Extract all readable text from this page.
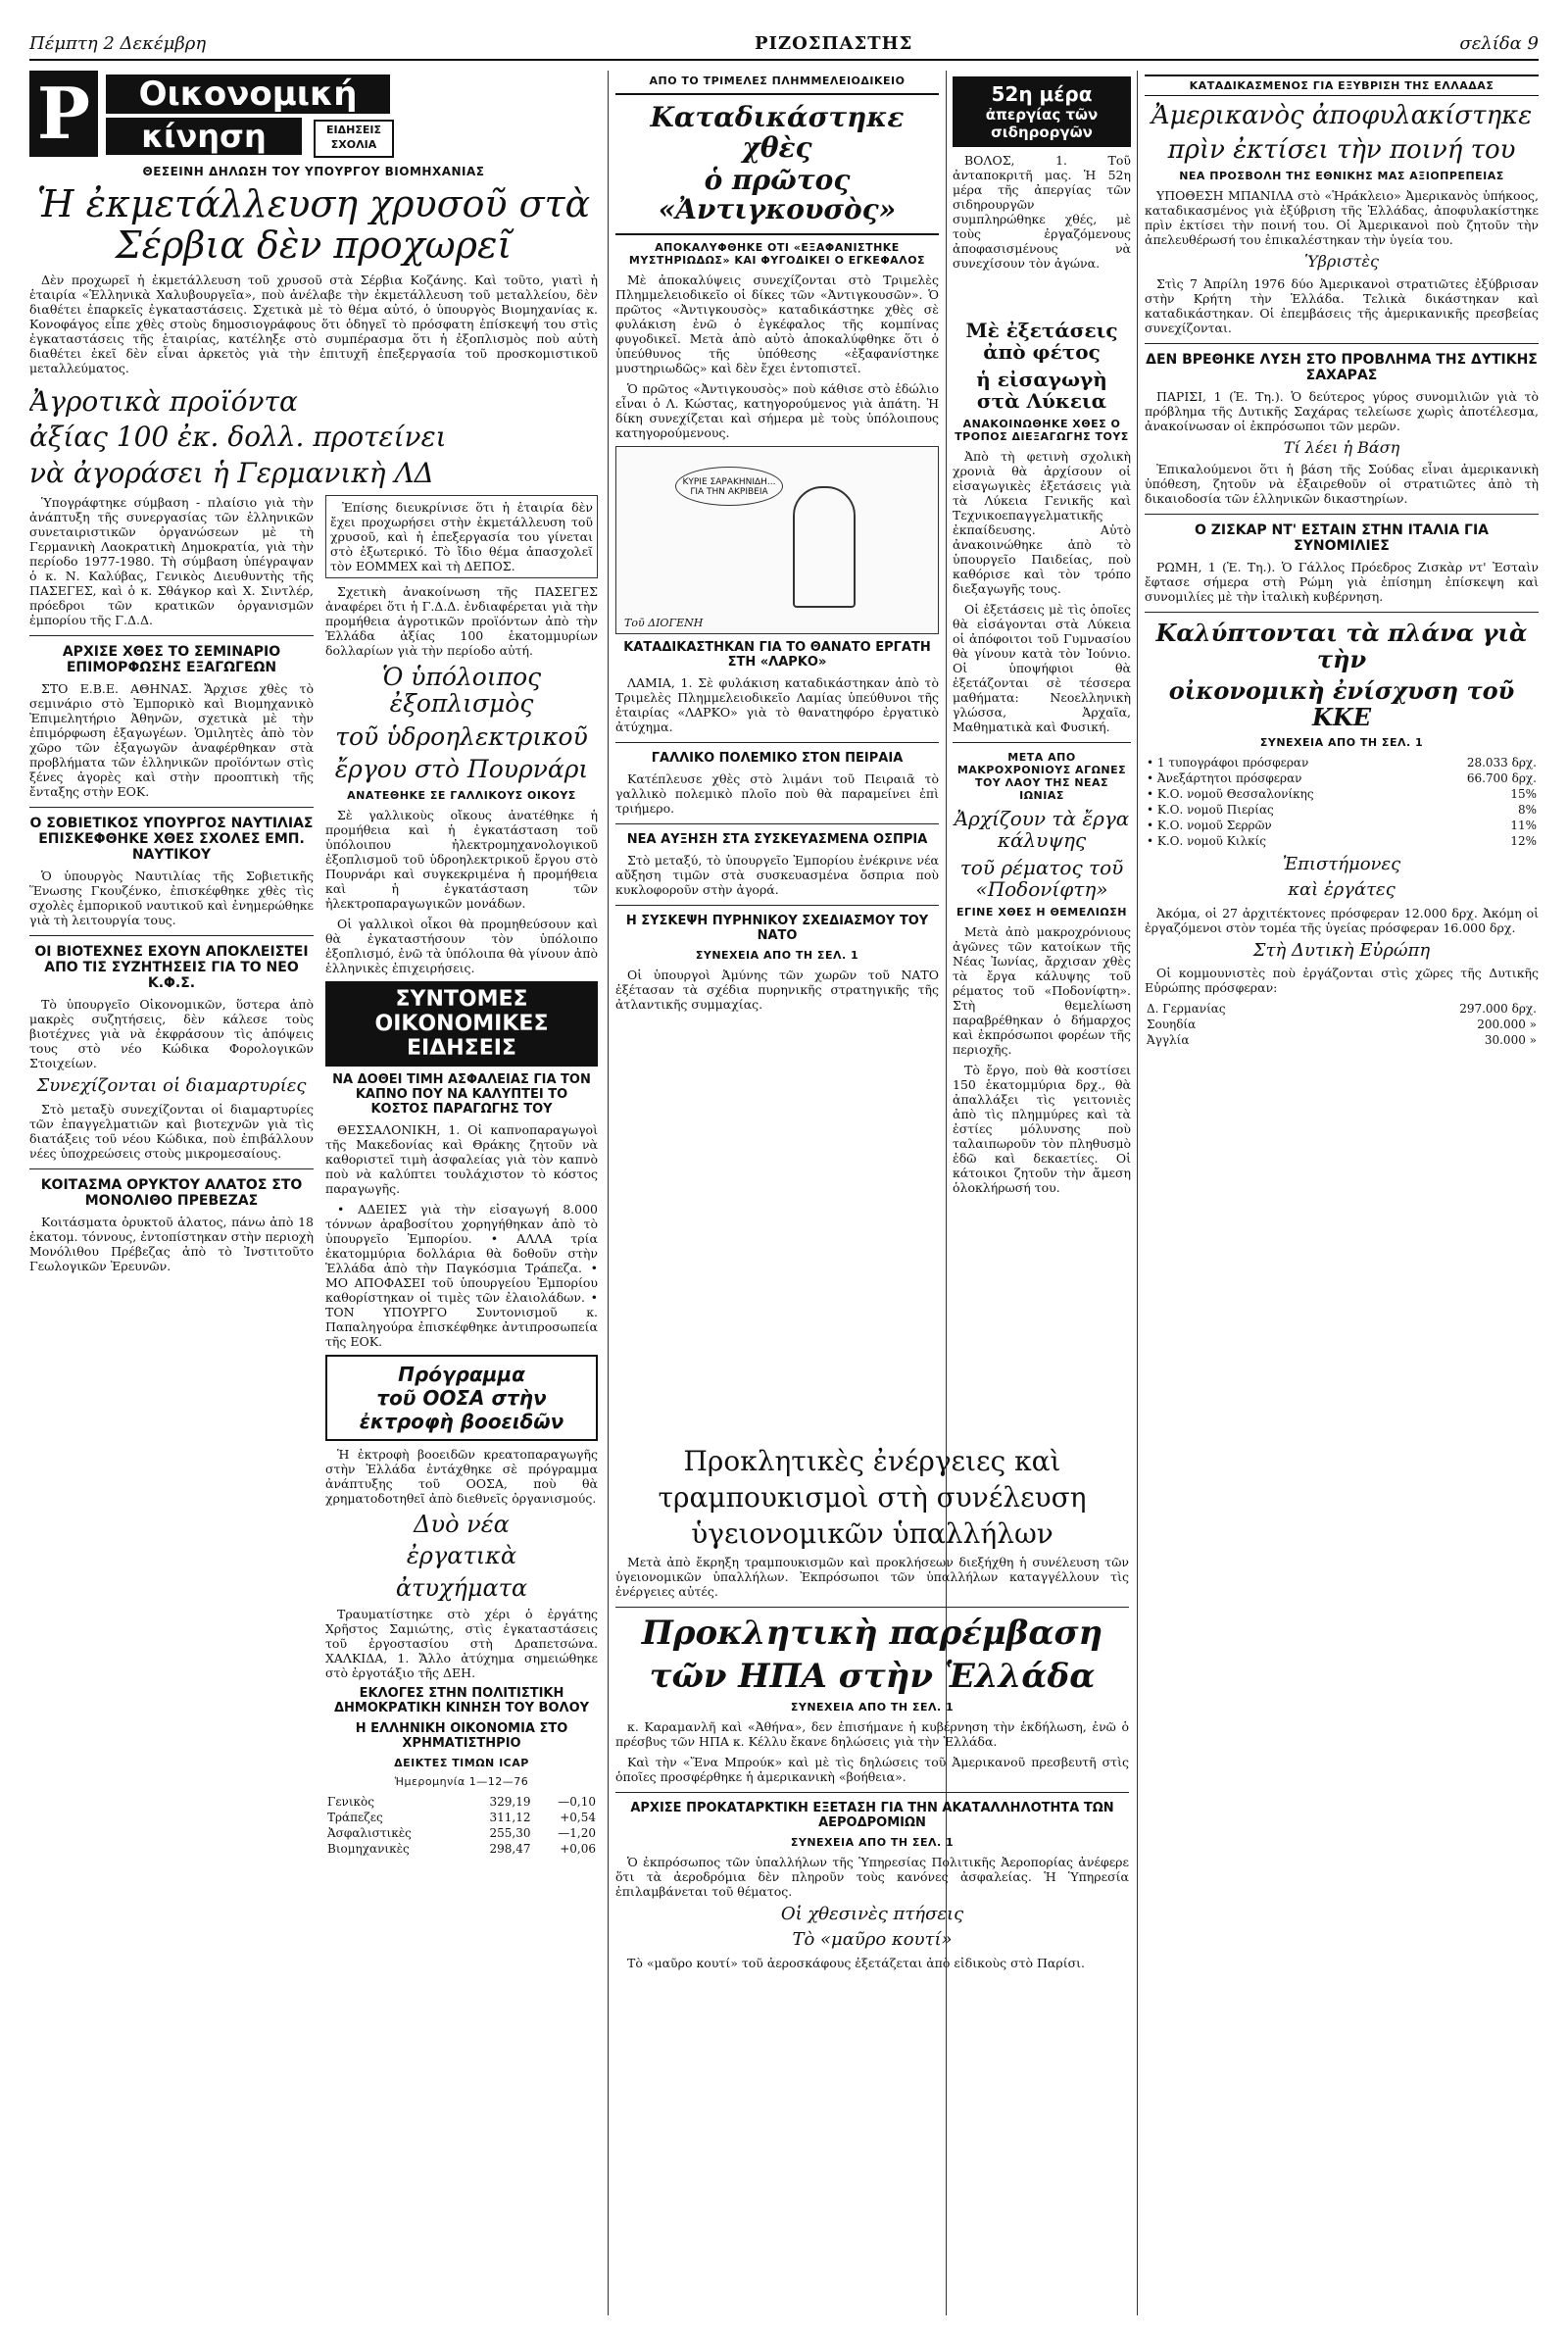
Πέμπτη 2 Δεκέμβρη	ΡΙΖΟΣΠΑΣΤΗΣ	σελίδα 9
Ρ	Οικονομική
κίνηση	ΕΙΔΗΣΕΙΣ
ΣΧΟΛΙΑ
ΘΕΣΕΙΝΗ ΔΗΛΩΣΗ ΤΟΥ ΥΠΟΥΡΓΟΥ ΒΙΟΜΗΧΑΝΙΑΣ
Ἡ ἐκμετάλλευση χρυσοῦ στὰ Σέρβια δὲν προχωρεῖ

Δὲν προχωρεῖ ἡ ἐκμετάλλευση τοῦ χρυσοῦ στὰ Σέρβια Κοζάνης. Καὶ τοῦτο, γιατὶ ἡ ἑταιρία «Ἑλληνικὰ Χαλυβουργεῖα», ποὺ ἀνέλαβε τὴν ἐκμετάλλευση τοῦ μεταλλείου, δὲν διαθέτει ἐπαρκεῖς ἐγκαταστάσεις. Σχετικὰ μὲ τὸ θέμα αὐτό, ὁ ὑπουργὸς Βιομηχανίας κ. Κονοφάγος εἶπε χθὲς στοὺς δημοσιογράφους ὅτι ὁδηγεῖ τὸ πρόσφατη ἐπίσκεψή του στὶς ἐγκαταστάσεις τῆς ἑταιρίας, κατέληξε στὸ συμπέρασμα ὅτι ἡ ἐξοπλισμὸς ποὺ αὐτὴ διαθέτει ἐκεῖ δὲν εἶναι ἀρκετὸς γιὰ τὴν ἐπιτυχῆ ἐπεξεργασία τοῦ προσκομιστικοῦ μεταλλεύματος.

Ἀγροτικὰ προϊόντα
ἀξίας 100 ἐκ. δολλ. προτείνει
νὰ ἀγοράσει ἡ Γερμανικὴ ΛΔ

Ὑπογράφτηκε σύμβαση - πλαίσιο γιὰ τὴν ἀνάπτυξη τῆς συνεργασίας τῶν ἑλληνικῶν συνεταιριστικῶν ὀργανώσεων μὲ τὴ Γερμανικὴ Λαοκρατικὴ Δημοκρατία, γιὰ τὴν περίοδο 1977-1980. Τὴ σύμβαση ὑπέγραψαν ὁ κ. Ν. Καλύβας, Γενικὸς Διευθυντὴς τῆς ΠΑΣΕΓΕΣ, καὶ ὁ κ. Σθάγκορ καὶ Χ. Σιντλέρ, πρόεδροι τῶν κρατικῶν ὀργανισμῶν ἐμπορίου τῆς Γ.Δ.Δ.

ΑΡΧΙΣΕ ΧΘΕΣ ΤΟ ΣΕΜΙΝΑΡΙΟ ΕΠΙΜΟΡΦΩΣΗΣ ΕΞΑΓΩΓΕΩΝ

ΣΤΟ Ε.Β.Ε. ΑΘΗΝΑΣ. Ἄρχισε χθὲς τὸ σεμινάριο στὸ Ἐμπορικὸ καὶ Βιομηχανικὸ Ἐπιμελητήριο Ἀθηνῶν, σχετικὰ μὲ τὴν ἐπιμόρφωση ἐξαγωγέων. Ὁμιλητὲς ἀπὸ τὸν χῶρο τῶν ἐξαγωγῶν ἀναφέρθηκαν στὰ προβλήματα τῶν ἑλληνικῶν προϊόντων στὶς ξένες ἀγορὲς καὶ στὴν προοπτικὴ τῆς ἔνταξης στὴν ΕΟΚ.

Ο ΣΟΒΙΕΤΙΚΟΣ ΥΠΟΥΡΓΟΣ ΝΑΥΤΙΛΙΑΣ ΕΠΙΣΚΕΦΘΗΚΕ ΧΘΕΣ ΣΧΟΛΕΣ ΕΜΠ. ΝΑΥΤΙΚΟΥ

Ὁ ὑπουργὸς Ναυτιλίας τῆς Σοβιετικῆς Ἕνωσης Γκουζένκο, ἐπισκέφθηκε χθὲς τὶς σχολὲς ἐμπορικοῦ ναυτικοῦ καὶ ἐνημερώθηκε γιὰ τὴ λειτουργία τους.

ΟΙ ΒΙΟΤΕΧΝΕΣ ΕΧΟΥΝ ΑΠΟΚΛΕΙΣΤΕΙ ΑΠΟ ΤΙΣ ΣΥΖΗΤΗΣΕΙΣ ΓΙΑ ΤΟ ΝΕΟ Κ.Φ.Σ.

Τὸ ὑπουργεῖο Οἰκονομικῶν, ὕστερα ἀπὸ μακρὲς συζητήσεις, δὲν κάλεσε τοὺς βιοτέχνες γιὰ νὰ ἐκφράσουν τὶς ἀπόψεις τους στὸ νέο Κώδικα Φορολογικῶν Στοιχείων.

Συνεχίζονται οἱ διαμαρτυρίες

Στὸ μεταξὺ συνεχίζονται οἱ διαμαρτυρίες τῶν ἐπαγγελματιῶν καὶ βιοτεχνῶν γιὰ τὶς διατάξεις τοῦ νέου Κώδικα, ποὺ ἐπιβάλλουν νέες ὑποχρεώσεις στοὺς μικρομεσαίους.

ΚΟΙΤΑΣΜΑ ΟΡΥΚΤΟΥ ΑΛΑΤΟΣ ΣΤΟ ΜΟΝΟΛΙΘΟ ΠΡΕΒΕΖΑΣ

Κοιτάσματα ὀρυκτοῦ ἁλατος, πάνω ἀπὸ 18 ἑκατομ. τόννους, ἐντοπίστηκαν στὴν περιοχὴ Μονόλιθου Πρέβεζας ἀπὸ τὸ Ἰνστιτοῦτο Γεωλογικῶν Ἐρευνῶν.

Ἐπίσης διευκρίνισε ὅτι ἡ ἑταιρία δὲν ἔχει προχωρήσει στὴν ἐκμετάλλευση τοῦ χρυσοῦ, καὶ ἡ ἐπεξεργασία του γίνεται στὸ ἐξωτερικό. Τὸ ἴδιο θέμα ἀπασχολεῖ τὸν ΕΟΜΜΕΧ καὶ τὴ ΔΕΠΟΣ.

Σχετικὴ ἀνακοίνωση τῆς ΠΑΣΕΓΕΣ ἀναφέρει ὅτι ἡ Γ.Δ.Δ. ἐνδιαφέρεται γιὰ τὴν προμήθεια ἀγροτικῶν προϊόντων ἀπὸ τὴν Ἑλλάδα ἀξίας 100 ἑκατομμυρίων δολλαρίων γιὰ τὴν περίοδο αὐτή.

Ὁ ὑπόλοιπος ἐξοπλισμὸς
τοῦ ὑδροηλεκτρικοῦ
ἔργου στὸ Πουρνάρι
ΑΝΑΤΕΘΗΚΕ ΣΕ ΓΑΛΛΙΚΟΥΣ ΟΙΚΟΥΣ

Σὲ γαλλικοὺς οἴκους ἀνατέθηκε ἡ προμήθεια καὶ ἡ ἐγκατάσταση τοῦ ὑπόλοιπου ἠλεκτρομηχανολογικοῦ ἐξοπλισμοῦ τοῦ ὑδροηλεκτρικοῦ ἔργου στὸ Πουρνάρι καὶ συγκεκριμένα ἡ προμήθεια καὶ ἡ ἐγκατάσταση τῶν ἠλεκτροπαραγωγικῶν μονάδων.

Οἱ γαλλικοὶ οἶκοι θὰ προμηθεύσουν καὶ θὰ ἐγκαταστήσουν τὸν ὑπόλοιπο ἐξοπλισμό, ἐνῶ τὰ ὑπόλοιπα θὰ γίνουν ἀπὸ ἑλληνικὲς ἐπιχειρήσεις.

ΣΥΝΤΟΜΕΣ
ΟΙΚΟΝΟΜΙΚΕΣ
ΕΙΔΗΣΕΙΣ
ΝΑ ΔΟΘΕΙ ΤΙΜΗ ΑΣΦΑΛΕΙΑΣ ΓΙΑ ΤΟΝ ΚΑΠΝΟ ΠΟΥ ΝΑ ΚΑΛΥΠΤΕΙ ΤΟ ΚΟΣΤΟΣ ΠΑΡΑΓΩΓΗΣ ΤΟΥ

ΘΕΣΣΑΛΟΝΙΚΗ, 1. Οἱ καπνοπαραγωγοὶ τῆς Μακεδονίας καὶ Θράκης ζητοῦν νὰ καθοριστεῖ τιμὴ ἀσφαλείας γιὰ τὸν καπνὸ ποὺ νὰ καλύπτει τουλάχιστον τὸ κόστος παραγωγῆς.

• ΑΔΕΙΕΣ γιὰ τὴν εἰσαγωγή 8.000 τόννων ἀραβοσίτου χορηγήθηκαν ἀπὸ τὸ ὑπουργεῖο Ἐμπορίου. • ΑΛΛΑ τρία ἑκατομμύρια δολλάρια θὰ δοθοῦν στὴν Ἑλλάδα ἀπὸ τὴν Παγκόσμια Τράπεζα. • ΜΟ ΑΠΟΦΑΣΕΙ τοῦ ὑπουργείου Ἐμπορίου καθορίστηκαν οἱ τιμὲς τῶν ἐλαιολάδων. • ΤΟΝ ΥΠΟΥΡΓΟ Συντονισμοῦ κ. Παπαληγούρα ἐπισκέφθηκε ἀντιπροσωπεία τῆς ΕΟΚ.

Πρόγραμμα
τοῦ ΟΟΣΑ στὴν
ἐκτροφὴ βοοειδῶν

Ἡ ἐκτροφὴ βοοειδῶν κρεατοπαραγωγῆς στὴν Ἑλλάδα ἐντάχθηκε σὲ πρόγραμμα ἀνάπτυξης τοῦ ΟΟΣΑ, ποὺ θὰ χρηματοδοτηθεῖ ἀπὸ διεθνεῖς ὀργανισμούς.

Δυὸ νέα
ἐργατικὰ
ἀτυχήματα

Τραυματίστηκε στὸ χέρι ὁ ἐργάτης Χρῆστος Σαμιώτης, στὶς ἐγκαταστάσεις τοῦ ἐργοστασίου στὴ Δραπετσώνα. ΧΑΛΚΙΔΑ, 1. Ἄλλο ἀτύχημα σημειώθηκε στὸ ἐργοτάξιο τῆς ΔΕΗ.

ΕΚΛΟΓΕΣ ΣΤΗΝ ΠΟΛΙΤΙΣΤΙΚΗ ΔΗΜΟΚΡΑΤΙΚΗ ΚΙΝΗΣΗ ΤΟΥ ΒΟΛΟΥ
Η ΕΛΛΗΝΙΚΗ ΟΙΚΟΝΟΜΙΑ ΣΤΟ ΧΡΗΜΑΤΙΣΤΗΡΙΟ
ΔΕΙΚΤΕΣ ΤΙΜΩΝ ΙCAP
Ἡμερομηνία 1—12—76
Γενικὸς	329,19	—0,10
Τράπεζες	311,12	+0,54
Ἀσφαλιστικὲς	255,30	—1,20
Βιομηχανικὲς	298,47	+0,06
ΑΠΟ ΤΟ ΤΡΙΜΕΛΕΣ ΠΛΗΜΜΕΛΕΙΟΔΙΚΕΙΟ
Καταδικάστηκε χθὲς
ὁ πρῶτος «Ἀντιγκουσὸς»
ΑΠΟΚΑΛΥΦΘΗΚΕ ΟΤΙ «ΕΞΑΦΑΝΙΣΤΗΚΕ ΜΥΣΤΗΡΙΩΔΩΣ» ΚΑΙ ΦΥΓΟΔΙΚΕΙ Ο ΕΓΚΕΦΑΛΟΣ

Μὲ ἀποκαλύψεις συνεχίζονται στὸ Τριμελὲς Πλημμελειοδικεῖο οἱ δίκες τῶν «Ἀντιγκουσῶν». Ὁ πρῶτος «Ἀντιγκουσὸς» καταδικάστηκε χθὲς σὲ φυλάκιση ἐνῶ ὁ ἐγκέφαλος τῆς κομπίνας φυγοδικεῖ. Μετὰ ἀπὸ αὐτὸ ἀποκαλύφθηκε ὅτι ὁ ὑπεύθυνος τῆς ὑπόθεσης «ἐξαφανίστηκε μυστηριωδῶς» καὶ δὲν ἔχει ἐντοπιστεῖ.

Ὁ πρῶτος «Ἀντιγκουσὸς» ποὺ κάθισε στὸ ἑδώλιο εἶναι ὁ Λ. Κώστας, κατηγορούμενος γιὰ ἀπάτη. Ἡ δίκη συνεχίζεται καὶ σήμερα μὲ τοὺς ὑπόλοιπους κατηγορούμενους.

ΚΥΡΙΕ ΣΑΡΑΚΗΝΙΔΗ... ΓΙΑ ΤΗΝ ΑΚΡΙΒΕΙΑ
Τοῦ ΔΙΟΓΕΝΗ
ΚΑΤΑΔΙΚΑΣΤΗΚΑΝ ΓΙΑ ΤΟ ΘΑΝΑΤΟ ΕΡΓΑΤΗ ΣΤΗ «ΛΑΡΚΟ»

ΛΑΜΙΑ, 1. Σὲ φυλάκιση καταδικάστηκαν ἀπὸ τὸ Τριμελὲς Πλημμελειοδικεῖο Λαμίας ὑπεύθυνοι τῆς ἑταιρίας «ΛΑΡΚΟ» γιὰ τὸ θανατηφόρο ἐργατικὸ ἀτύχημα.

ΓΑΛΛΙΚΟ ΠΟΛΕΜΙΚΟ ΣΤΟΝ ΠΕΙΡΑΙΑ

Κατέπλευσε χθὲς στὸ λιμάνι τοῦ Πειραιᾶ τὸ γαλλικὸ πολεμικὸ πλοῖο ποὺ θὰ παραμείνει ἐπὶ τριήμερο.

ΝΕΑ ΑΥΞΗΣΗ ΣΤΑ ΣΥΣΚΕΥΑΣΜΕΝΑ ΟΣΠΡΙΑ

Στὸ μεταξύ, τὸ ὑπουργεῖο Ἐμπορίου ἐνέκρινε νέα αὔξηση τιμῶν στὰ συσκευασμένα ὄσπρια ποὺ κυκλοφοροῦν στὴν ἀγορά.

Η ΣΥΣΚΕΨΗ ΠΥΡΗΝΙΚΟΥ ΣΧΕΔΙΑΣΜΟΥ ΤΟΥ ΝΑΤΟ
ΣΥΝΕΧΕΙΑ ΑΠΟ ΤΗ ΣΕΛ. 1

Οἱ ὑπουργοὶ Ἀμύνης τῶν χωρῶν τοῦ ΝΑΤΟ ἐξέτασαν τὰ σχέδια πυρηνικῆς στρατηγικῆς τῆς ἀτλαντικῆς συμμαχίας.

Προκλητικὲς ἐνέργειες καὶ
τραμπουκισμοὶ στὴ συνέλευση
ὑγειονομικῶν ὑπαλλήλων

Μετὰ ἀπὸ ἔκρηξη τραμπουκισμῶν καὶ προκλήσεων διεξήχθη ἡ συνέλευση τῶν ὑγειονομικῶν ὑπαλλήλων. Ἐκπρόσωποι τῶν ὑπαλλήλων καταγγέλλουν τὶς ἐνέργειες αὐτές.

Προκλητικὴ παρέμβαση
τῶν ΗΠΑ στὴν Ἑλλάδα
ΣΥΝΕΧΕΙΑ ΑΠΟ ΤΗ ΣΕΛ. 1

κ. Καραμανλῆ καὶ «Ἀθήνα», δεν ἐπισήμανε ἡ κυβέρνηση τὴν ἐκδήλωση, ἐνῶ ὁ πρέσβυς τῶν ΗΠΑ κ. Κέλλυ ἔκανε δηλώσεις γιὰ τὴν Ἑλλάδα.

Καὶ τὴν «Ἔνα Μπρούκ» καὶ μὲ τὶς δηλώσεις τοῦ Ἀμερικανοῦ πρεσβευτῆ στὶς ὁποῖες προσφέρθηκε ἡ ἀμερικανικὴ «βοήθεια».

ΑΡΧΙΣΕ ΠΡΟΚΑΤΑΡΚΤΙΚΗ ΕΞΕΤΑΣΗ ΓΙΑ ΤΗΝ ΑΚΑΤΑΛΛΗΛΟΤΗΤΑ ΤΩΝ ΑΕΡΟΔΡΟΜΙΩΝ
ΣΥΝΕΧΕΙΑ ΑΠΟ ΤΗ ΣΕΛ. 1

Ὁ ἐκπρόσωπος τῶν ὑπαλλήλων τῆς Ὑπηρεσίας Πολιτικῆς Ἀεροπορίας ἀνέφερε ὅτι τὰ ἀεροδρόμια δὲν πληροῦν τοὺς κανόνες ἀσφαλείας. Ἡ Ὑπηρεσία ἐπιλαμβάνεται τοῦ θέματος.

Οἱ χθεσινὲς πτήσεις
Τὸ «μαῦρο κουτί»

Τὸ «μαῦρο κουτί» τοῦ ἀεροσκάφους ἐξετάζεται ἀπὸ εἰδικοὺς στὸ Παρίσι.

52η μέρα
ἀπεργίας τῶν
σιδηροργῶν

ΒΟΛΟΣ, 1. Τοῦ ἀνταποκριτῆ μας. Ἡ 52η μέρα τῆς ἀπεργίας τῶν σιδηρουργῶν συμπληρώθηκε χθές, μὲ τοὺς ἐργαζόμενους ἀποφασισμένους νὰ συνεχίσουν τὸν ἀγώνα.

Μὲ ἐξετάσεις ἀπὸ φέτος
ἡ εἰσαγωγὴ στὰ Λύκεια
ΑΝΑΚΟΙΝΩΘΗΚΕ ΧΘΕΣ Ο ΤΡΟΠΟΣ ΔΙΕΞΑΓΩΓΗΣ ΤΟΥΣ

Ἀπὸ τὴ φετινὴ σχολικὴ χρονιὰ θὰ ἀρχίσουν οἱ εἰσαγωγικὲς ἐξετάσεις γιὰ τὰ Λύκεια Γενικῆς καὶ Τεχνικοεπαγγελματικῆς ἐκπαίδευσης. Αὐτὸ ἀνακοινώθηκε ἀπὸ τὸ ὑπουργεῖο Παιδείας, ποὺ καθόρισε καὶ τὸν τρόπο διεξαγωγῆς τους.

Οἱ ἐξετάσεις μὲ τὶς ὁποῖες θὰ εἰσάγονται στὰ Λύκεια οἱ ἀπόφοιτοι τοῦ Γυμνασίου θὰ γίνουν κατὰ τὸν Ἰούνιο. Οἱ ὑποψήφιοι θὰ ἐξετάζονται σὲ τέσσερα μαθήματα: Νεοελληνικὴ γλώσσα, Ἀρχαῖα, Μαθηματικὰ καὶ Φυσική.

ΜΕΤΑ ΑΠΟ ΜΑΚΡΟΧΡΟΝΙΟΥΣ ΑΓΩΝΕΣ ΤΟΥ ΛΑΟΥ ΤΗΣ ΝΕΑΣ ΙΩΝΙΑΣ
Ἀρχίζουν τὰ ἔργα κάλυψης
τοῦ ρέματος τοῦ «Ποδονίφτη»
ΕΓΙΝΕ ΧΘΕΣ Η ΘΕΜΕΛΙΩΣΗ

Μετὰ ἀπὸ μακροχρόνιους ἀγῶνες τῶν κατοίκων τῆς Νέας Ἰωνίας, ἄρχισαν χθὲς τὰ ἔργα κάλυψης τοῦ ρέματος τοῦ «Ποδονίφτη». Στὴ θεμελίωση παραβρέθηκαν ὁ δήμαρχος καὶ ἐκπρόσωποι φορέων τῆς περιοχῆς.

Τὸ ἔργο, ποὺ θὰ κοστίσει 150 ἑκατομμύρια δρχ., θὰ ἀπαλλάξει τὶς γειτονιὲς ἀπὸ τὶς πλημμύρες καὶ τὰ ἐστίες μόλυνσης ποὺ ταλαιπωροῦν τὸν πληθυσμὸ ἐδῶ καὶ δεκαετίες. Οἱ κάτοικοι ζητοῦν τὴν ἄμεση ὁλοκλήρωσή του.

ΚΑΤΑΔΙΚΑΣΜΕΝΟΣ ΓΙΑ ΕΞΥΒΡΙΣΗ ΤΗΣ ΕΛΛΑΔΑΣ
Ἀμερικανὸς ἀποφυλακίστηκε
πρὶν ἐκτίσει τὴν ποινή του
ΝΕΑ ΠΡΟΣΒΟΛΗ ΤΗΣ ΕΘΝΙΚΗΣ ΜΑΣ ΑΞΙΟΠΡΕΠΕΙΑΣ

ΥΠΟΘΕΣΗ ΜΠΑΝΙΛΑ στὸ «Ἡράκλειο» Ἀμερικανὸς ὑπήκοος, καταδικασμένος γιὰ ἐξύβριση τῆς Ἑλλάδας, ἀποφυλακίστηκε πρὶν ἐκτίσει τὴν ποινή του. Οἱ Ἀμερικανοὶ ποὺ ζητοῦν τὴν ἀπελευθέρωσή του ἐπικαλέστηκαν τὴν ὑγεία του.

Ὑβριστὲς

Στὶς 7 Ἀπρίλη 1976 δύο Ἀμερικανοὶ στρατιῶτες ἐξύβρισαν στὴν Κρήτη τὴν Ἑλλάδα. Τελικὰ δικάστηκαν καὶ καταδικάστηκαν. Οἱ ἐπεμβάσεις τῆς ἀμερικανικῆς πρεσβείας συνεχίζονται.

ΔΕΝ ΒΡΕΘΗΚΕ ΛΥΣΗ ΣΤΟ ΠΡΟΒΛΗΜΑ ΤΗΣ ΔΥΤΙΚΗΣ ΣΑΧΑΡΑΣ

ΠΑΡΙΣΙ, 1 (Ἑ. Τη.). Ὁ δεύτερος γύρος συνομιλιῶν γιὰ τὸ πρόβλημα τῆς Δυτικῆς Σαχάρας τελείωσε χωρὶς ἀποτέλεσμα, ἀνακοίνωσαν οἱ ἐκπρόσωποι τῶν μερῶν.

Τί λέει ἡ Βάση

Ἐπικαλούμενοι ὅτι ἡ βάση τῆς Σούδας εἶναι ἀμερικανικὴ ὑπόθεση, ζητοῦν νὰ ἐξαιρεθοῦν οἱ στρατιῶτες ἀπὸ τὴ δικαιοδοσία τῶν ἑλληνικῶν δικαστηρίων.

Ο ΖΙΣΚΑΡ ΝΤ' ΕΣΤΑΙΝ ΣΤΗΝ ΙΤΑΛΙΑ ΓΙΑ ΣΥΝΟΜΙΛΙΕΣ

ΡΩΜΗ, 1 (Ἑ. Τη.). Ὁ Γάλλος Πρόεδρος Ζισκὰρ ντ' Ἐσταὶν ἔφτασε σήμερα στὴ Ρώμη γιὰ ἐπίσημη ἐπίσκεψη καὶ συνομιλίες μὲ τὴν ἰταλικὴ κυβέρνηση.

Καλύπτονται τὰ πλάνα γιὰ τὴν
οἰκονομικὴ ἐνίσχυση τοῦ ΚΚΕ
ΣΥΝΕΧΕΙΑ ΑΠΟ ΤΗ ΣΕΛ. 1
• 1 τυπογράφοι πρόσφεραν	28.033 δρχ.
• Ἀνεξάρτητοι πρόσφεραν	66.700 δρχ.
• Κ.Ο. νομοῦ Θεσσαλονίκης	15%
• Κ.Ο. νομοῦ Πιερίας	8%
• Κ.Ο. νομοῦ Σερρῶν	11%
• Κ.Ο. νομοῦ Κιλκίς	12%
Ἐπιστήμονες
καὶ ἐργάτες

Ἀκόμα, οἱ 27 ἀρχιτέκτονες πρόσφεραν 12.000 δρχ. Ἀκόμη οἱ ἐργαζόμενοι στὸν τομέα τῆς ὑγείας πρόσφεραν 16.000 δρχ.

Στὴ Δυτικὴ Εὐρώπη

Οἱ κομμουνιστὲς ποὺ ἐργάζονται στὶς χῶρες τῆς Δυτικῆς Εὐρώπης πρόσφεραν:

Δ. Γερμανίας	297.000 δρχ.
Σουηδία	200.000 »
Ἀγγλία	30.000 »
